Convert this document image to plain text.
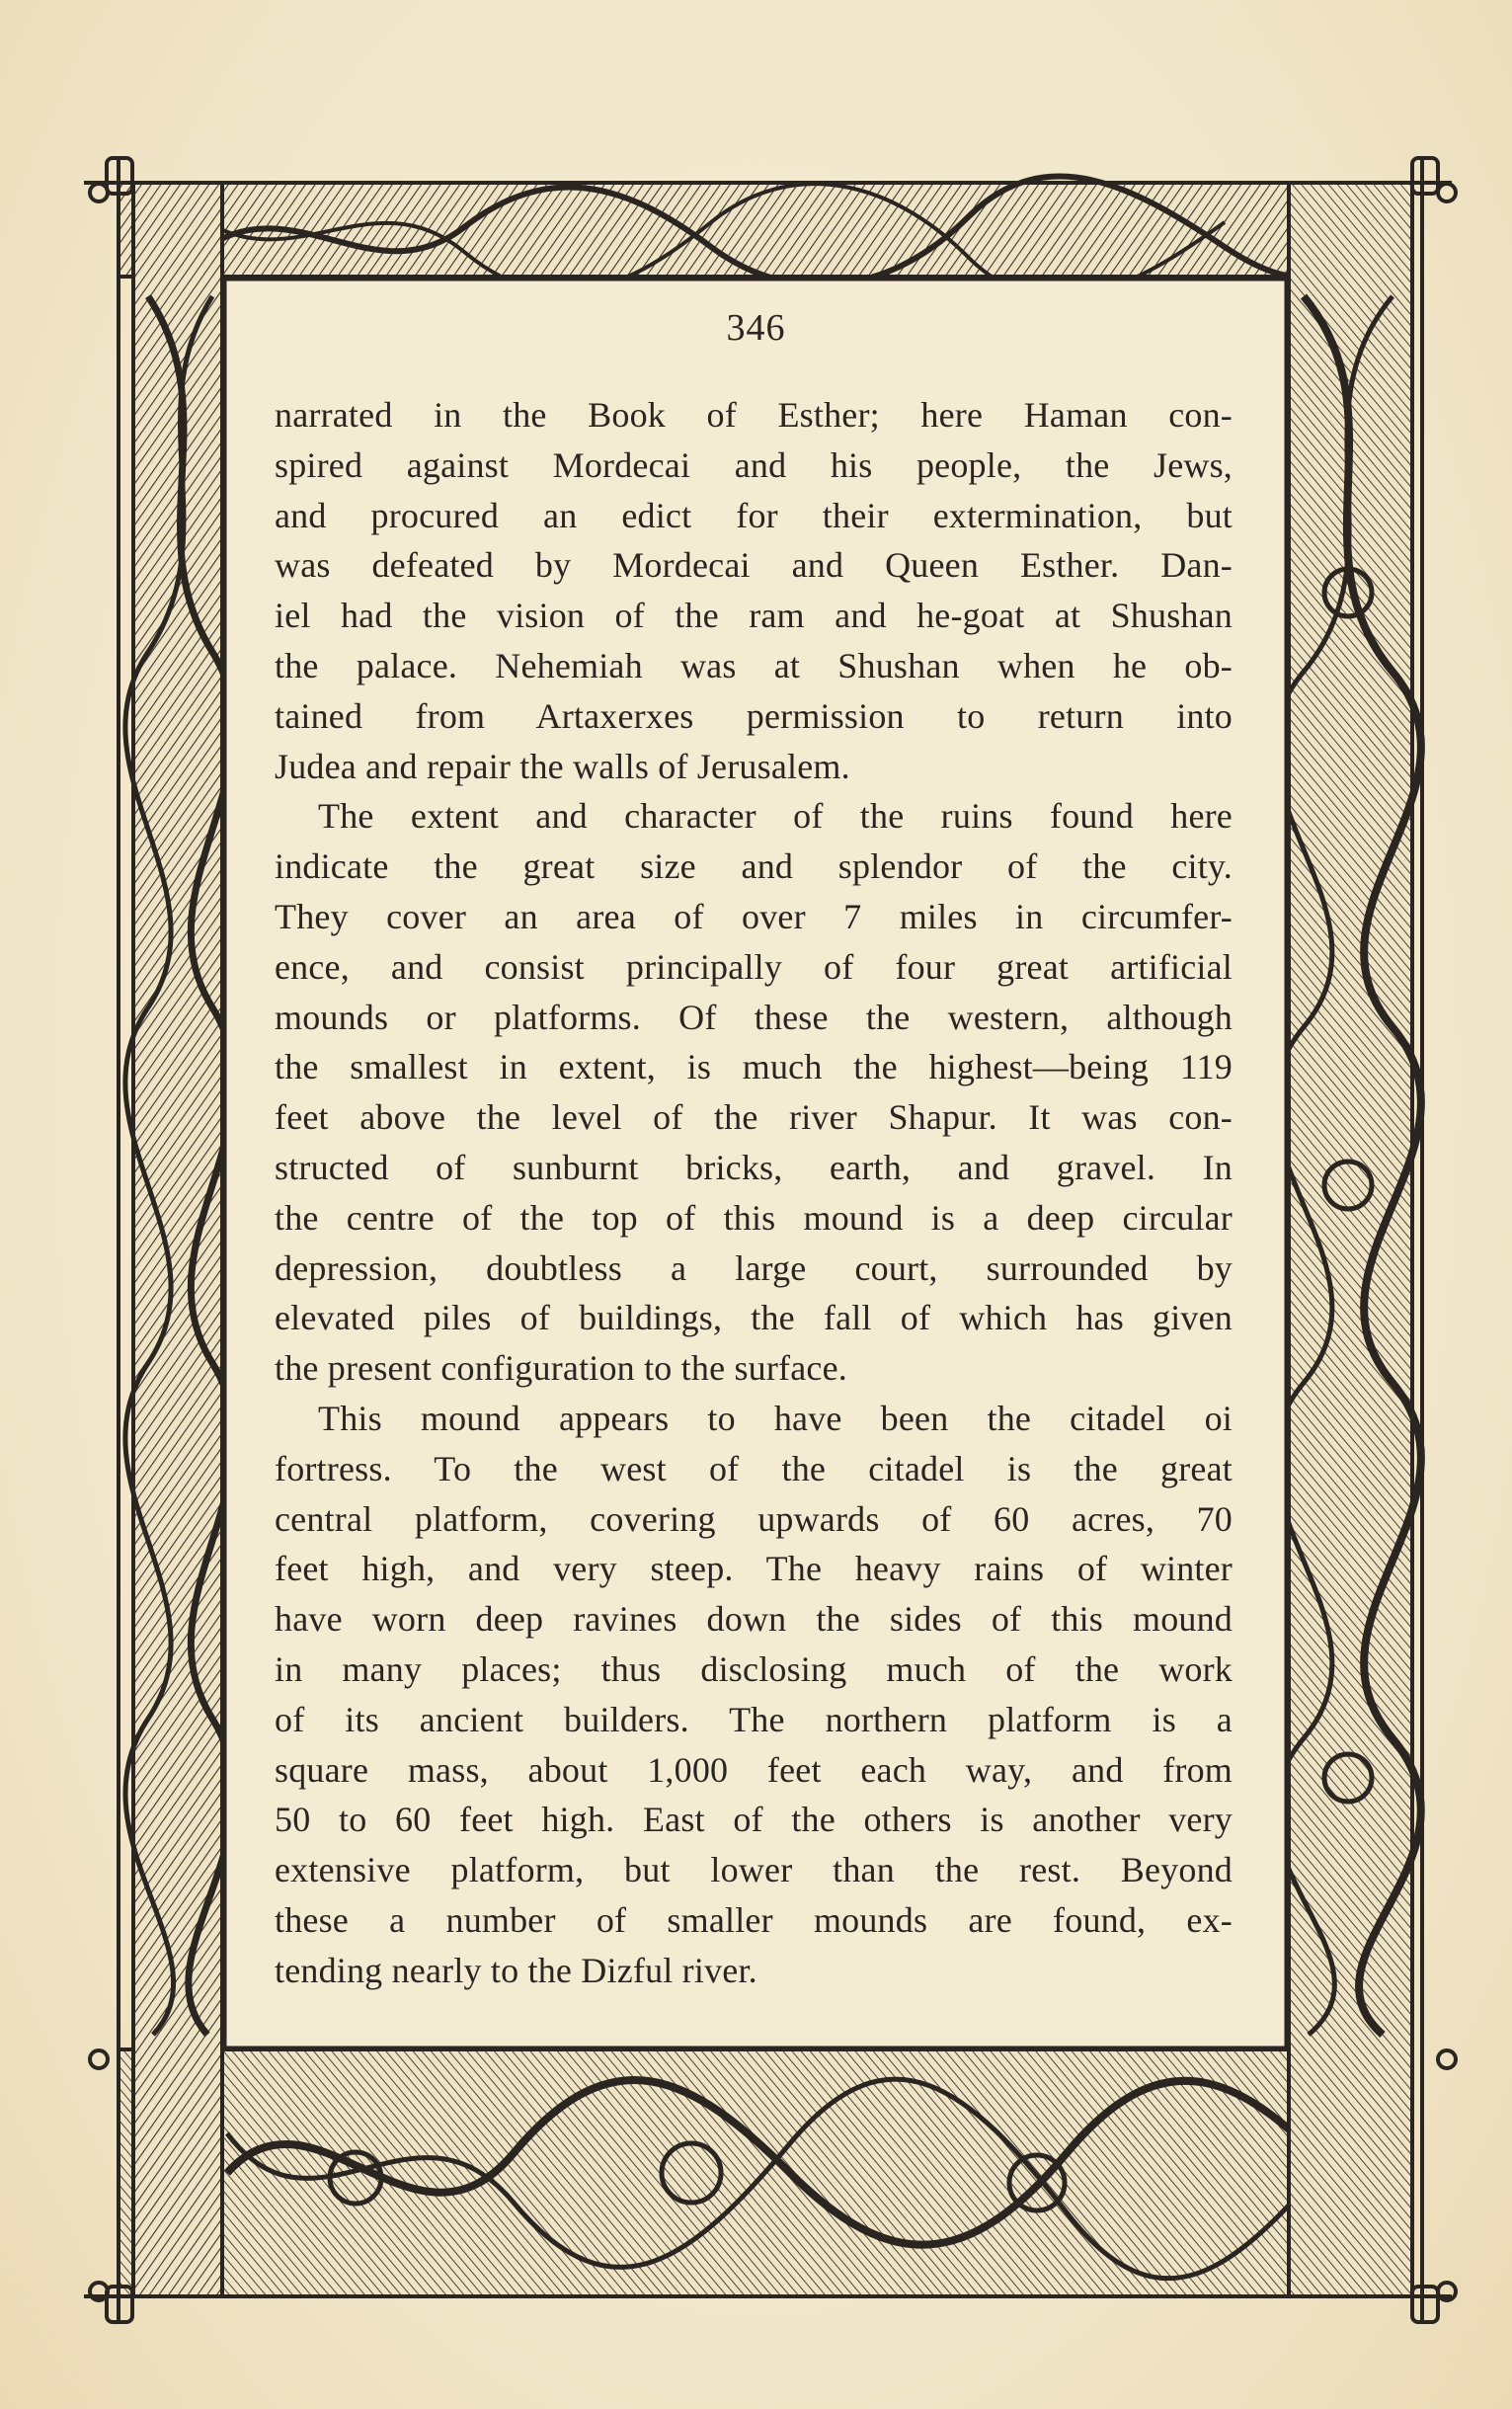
346
narrated in the Book of Esther; here Haman con-
spired against Mordecai and his people, the Jews,
and procured an edict for their extermination, but
was defeated by Mordecai and Queen Esther. Dan-
iel had the vision of the ram and he-goat at Shushan
the palace. Nehemiah was at Shushan when he ob-
tained from Artaxerxes permission to return into
Judea and repair the walls of Jerusalem.
The extent and character of the ruins found here
indicate the great size and splendor of the city.
They cover an area of over 7 miles in circumfer-
ence, and consist principally of four great artificial
mounds or platforms. Of these the western, although
the smallest in extent, is much the highest—being 119
feet above the level of the river Shapur. It was con-
structed of sunburnt bricks, earth, and gravel. In
the centre of the top of this mound is a deep circular
depression, doubtless a large court, surrounded by
elevated piles of buildings, the fall of which has given
the present configuration to the surface.
This mound appears to have been the citadel oi
fortress. To the west of the citadel is the great
central platform, covering upwards of 60 acres, 70
feet high, and very steep. The heavy rains of winter
have worn deep ravines down the sides of this mound
in many places; thus disclosing much of the work
of its ancient builders. The northern platform is a
square mass, about 1,000 feet each way, and from
50 to 60 feet high. East of the others is another very
extensive platform, but lower than the rest. Beyond
these a number of smaller mounds are found, ex-
tending nearly to the Dizful river.
